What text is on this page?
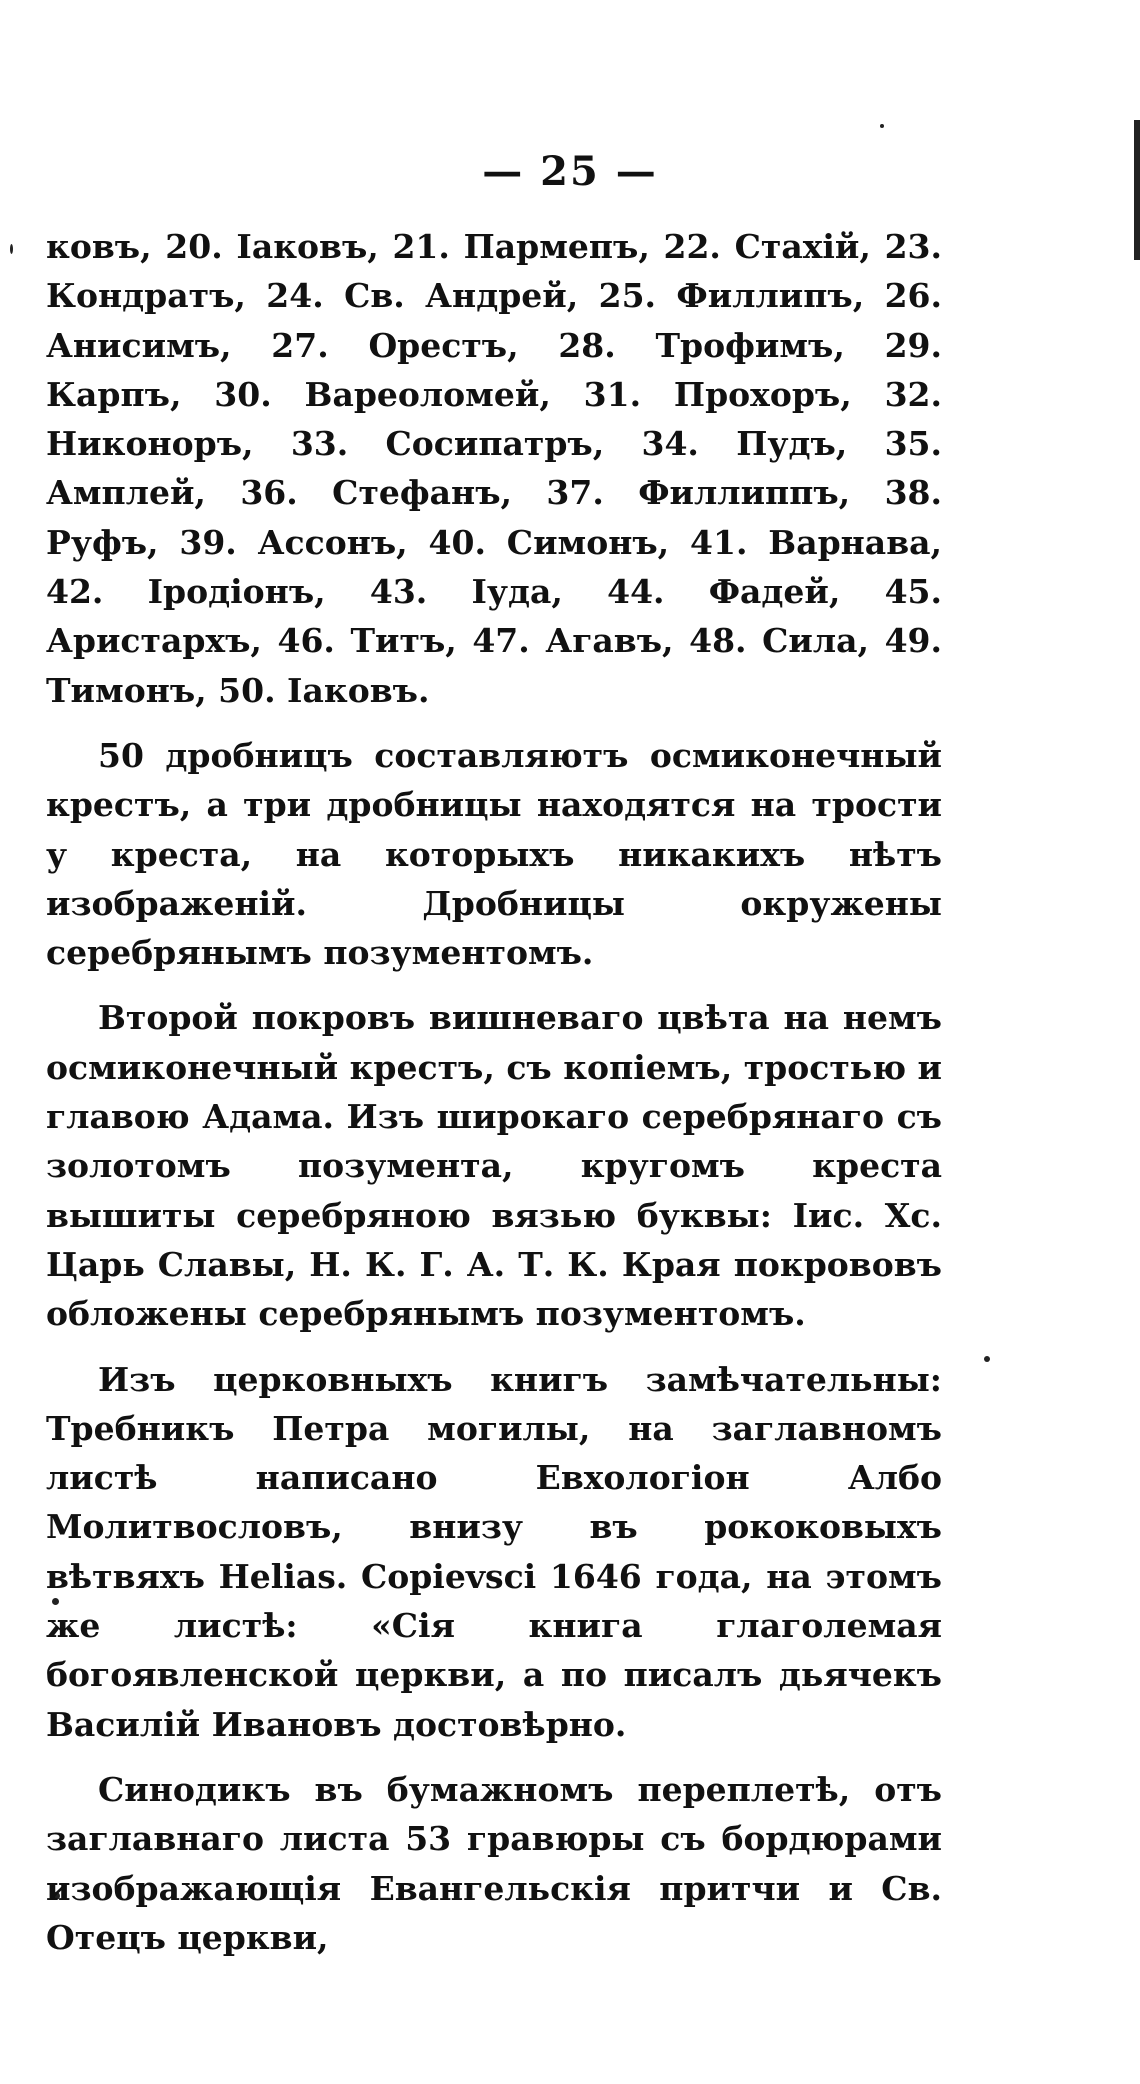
— 25 —

ковъ, 20. Іаковъ, 21. Пармепъ, 22. Стахій, 23. Кондратъ, 24. Св. Андрей, 25. Филлипъ, 26. Анисимъ, 27. Орестъ, 28. Трофимъ, 29. Карпъ, 30. Вареоломей, 31. Прохоръ, 32. Никоноръ, 33. Сосипатръ, 34. Пудъ, 35. Амплей, 36. Стефанъ, 37. Филлиппъ, 38. Руфъ, 39. Ассонъ, 40. Симонъ, 41. Варнава, 42. Іродіонъ, 43. Іуда, 44. Фадей, 45. Аристархъ, 46. Титъ, 47. Агавъ, 48. Сила, 49. Тимонъ, 50. Іаковъ.

50 дробницъ составляютъ осмиконечный крестъ, а три дробницы находятся на трости у креста, на которыхъ никакихъ нѣтъ изображеній. Дробницы окружены серебрянымъ позументомъ.

Второй покровъ вишневаго цвѣта на немъ осмиконечный крестъ, съ копіемъ, тростью и главою Адама. Изъ широкаго серебрянаго съ золотомъ позумента, кругомъ креста вышиты серебряною вязью буквы: Іис. Хс. Царь Славы, Н. К. Г. А. Т. К. Края покрововъ обложены серебрянымъ позументомъ.

Изъ церковныхъ книгъ замѣчательны: Требникъ Петра могилы, на заглавномъ листѣ написано Евхологіон Албо Молитвословъ, внизу въ рококовыхъ вѣтвяхъ Helias. Copievsci 1646 года, на этомъ же листѣ: «Сія книга глаголемая богоявленской церкви, а по писалъ дьячекъ Василій Ивановъ достовѣрно.

Синодикъ въ бумажномъ переплетѣ, отъ заглавнаго листа 53 гравюры съ бордюрами изображающія Евангельскія притчи и Св. Отецъ церкви,
